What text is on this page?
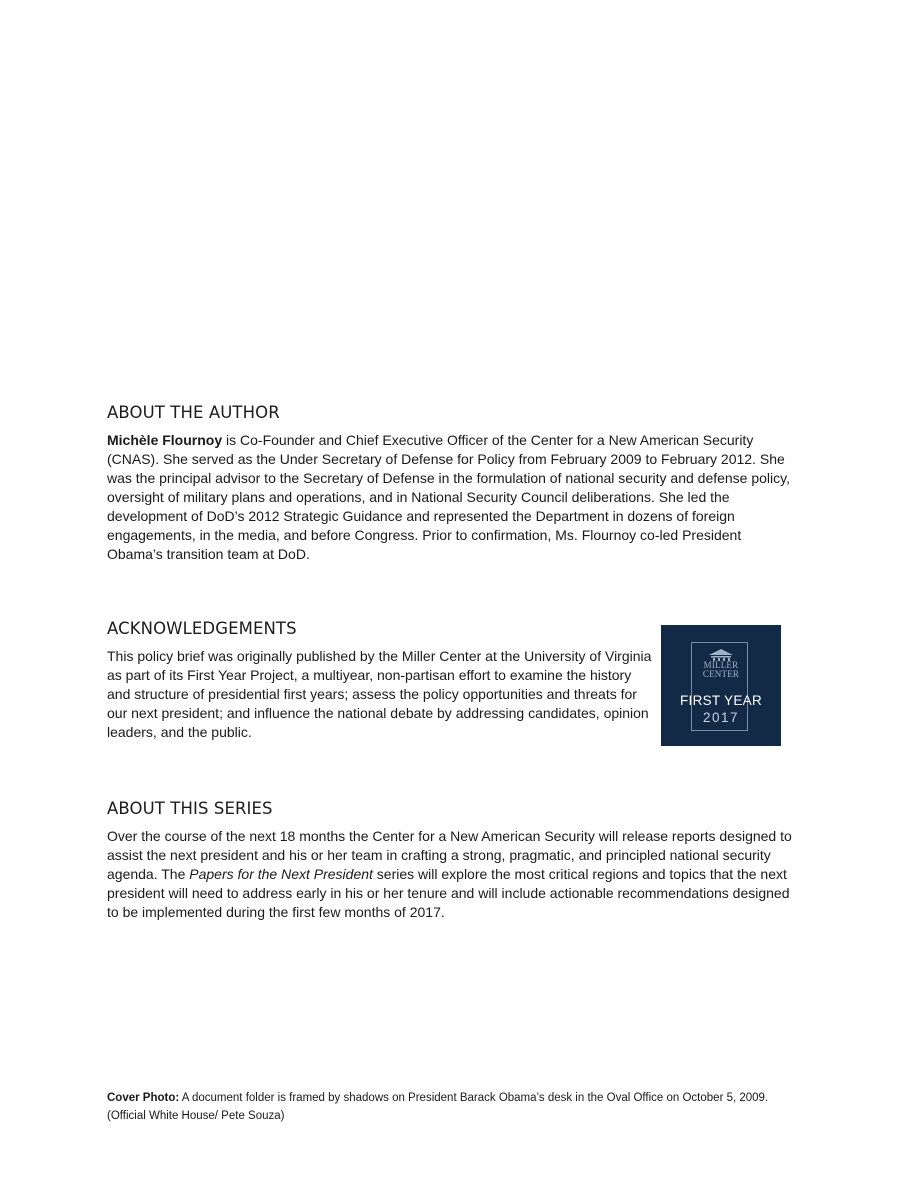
ABOUT THE AUTHOR

Michèle Flournoy is Co-Founder and Chief Executive Officer of the Center for a New American Security (CNAS). She served as the Under Secretary of Defense for Policy from February 2009 to February 2012. She was the principal advisor to the Secretary of Defense in the formulation of national security and defense policy, oversight of military plans and operations, and in National Security Council deliberations. She led the development of DoD’s 2012 Strategic Guidance and represented the Department in dozens of foreign engagements, in the media, and before Congress. Prior to confirmation, Ms. Flournoy co-led President Obama’s transition team at DoD.

ACKNOWLEDGEMENTS

This policy brief was originally published by the Miller Center at the University of Virginia as part of its First Year Project, a multiyear, non-partisan effort to examine the history and structure of presidential first years; assess the policy opportunities and threats for our next president; and influence the national debate by addressing candidates, opinion leaders, and the public.

MILLER
CENTER
FIRST YEAR
2017
ABOUT THIS SERIES

Over the course of the next 18 months the Center for a New American Security will release reports designed to assist the next president and his or her team in crafting a strong, pragmatic, and principled national security agenda. The Papers for the Next President series will explore the most critical regions and topics that the next president will need to address early in his or her tenure and will include actionable recommendations designed to be implemented during the first few months of 2017.

Cover Photo: A document folder is framed by shadows on President Barack Obama’s desk in the Oval Office on October 5, 2009.
(Official White House/ Pete Souza)
